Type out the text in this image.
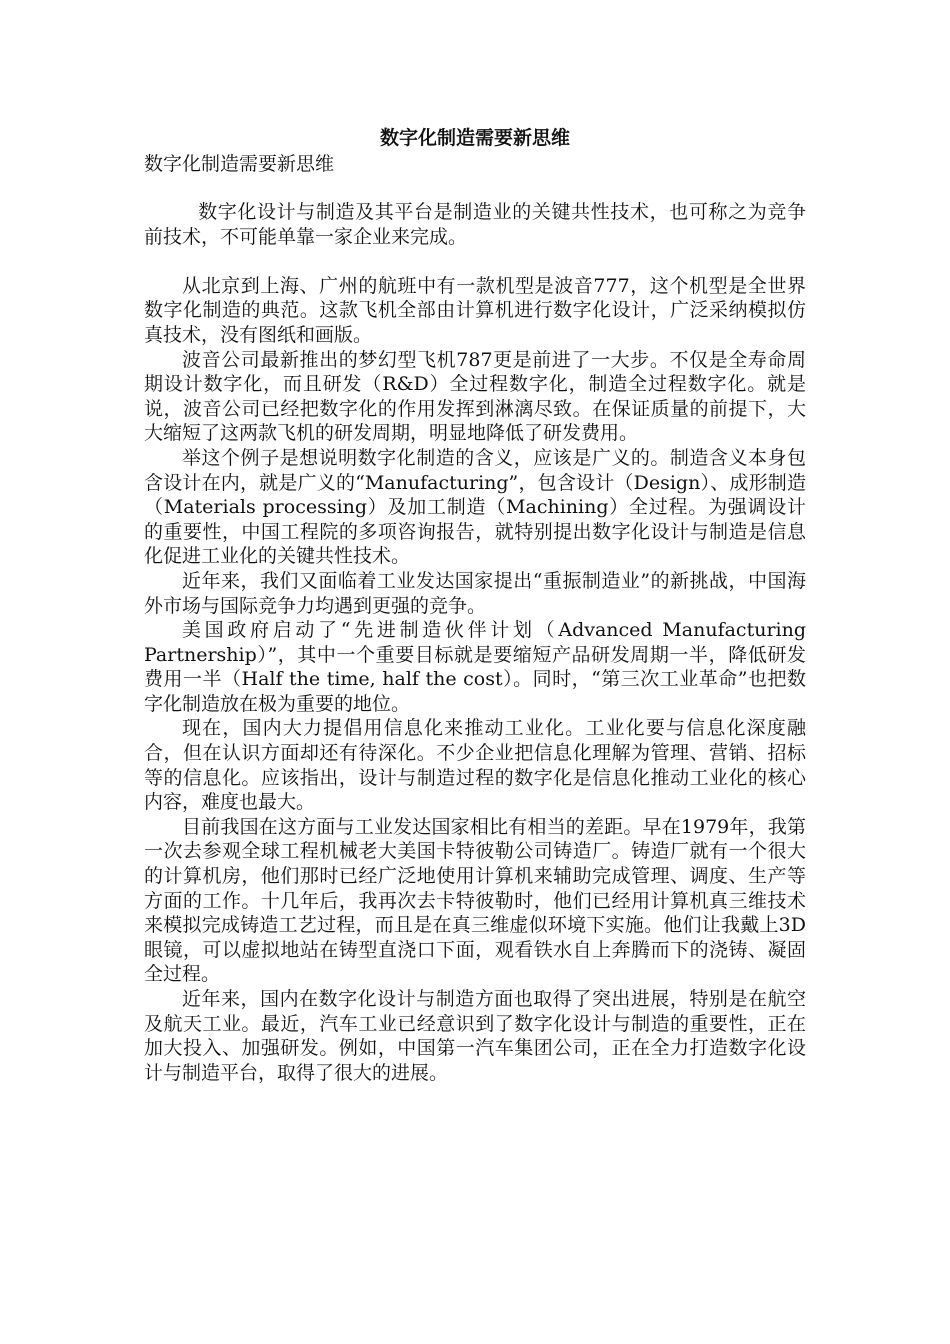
数字化制造需要新思维

数字化制造需要新思维

数字化设计与制造及其平台是制造业的关键共性技术，也可称之为竞争前技术，不可能单靠一家企业来完成。

从北京到上海、广州的航班中有一款机型是波音777，这个机型是全世界数字化制造的典范。这款飞机全部由计算机进行数字化设计，广泛采纳模拟仿真技术，没有图纸和画版。

波音公司最新推出的梦幻型飞机787更是前进了一大步。不仅是全寿命周期设计数字化，而且研发（R&D）全过程数字化，制造全过程数字化。就是说，波音公司已经把数字化的作用发挥到淋漓尽致。在保证质量的前提下，大大缩短了这两款飞机的研发周期，明显地降低了研发费用。

举这个例子是想说明数字化制造的含义，应该是广义的。制造含义本身包含设计在内，就是广义的“Manufacturing”，包含设计（Design）、成形制造（Materials processing）及加工制造（Machining）全过程。为强调设计的重要性，中国工程院的多项咨询报告，就特别提出数字化设计与制造是信息化促进工业化的关键共性技术。

近年来，我们又面临着工业发达国家提出“重振制造业”的新挑战，中国海外市场与国际竞争力均遇到更强的竞争。

美国政府启动了“先进制造伙伴计划（Advanced Manufacturing Partnership）”，其中一个重要目标就是要缩短产品研发周期一半，降低研发费用一半（Half the time, half the cost）。同时，“第三次工业革命”也把数字化制造放在极为重要的地位。

现在，国内大力提倡用信息化来推动工业化。工业化要与信息化深度融合，但在认识方面却还有待深化。不少企业把信息化理解为管理、营销、招标等的信息化。应该指出，设计与制造过程的数字化是信息化推动工业化的核心内容，难度也最大。

目前我国在这方面与工业发达国家相比有相当的差距。早在1979年，我第一次去参观全球工程机械老大美国卡特彼勒公司铸造厂。铸造厂就有一个很大的计算机房，他们那时已经广泛地使用计算机来辅助完成管理、调度、生产等方面的工作。十几年后，我再次去卡特彼勒时，他们已经用计算机真三维技术来模拟完成铸造工艺过程，而且是在真三维虚似环境下实施。他们让我戴上3D眼镜，可以虚拟地站在铸型直浇口下面，观看铁水自上奔腾而下的浇铸、凝固全过程。

近年来，国内在数字化设计与制造方面也取得了突出进展，特别是在航空及航天工业。最近，汽车工业已经意识到了数字化设计与制造的重要性，正在加大投入、加强研发。例如，中国第一汽车集团公司，正在全力打造数字化设计与制造平台，取得了很大的进展。
